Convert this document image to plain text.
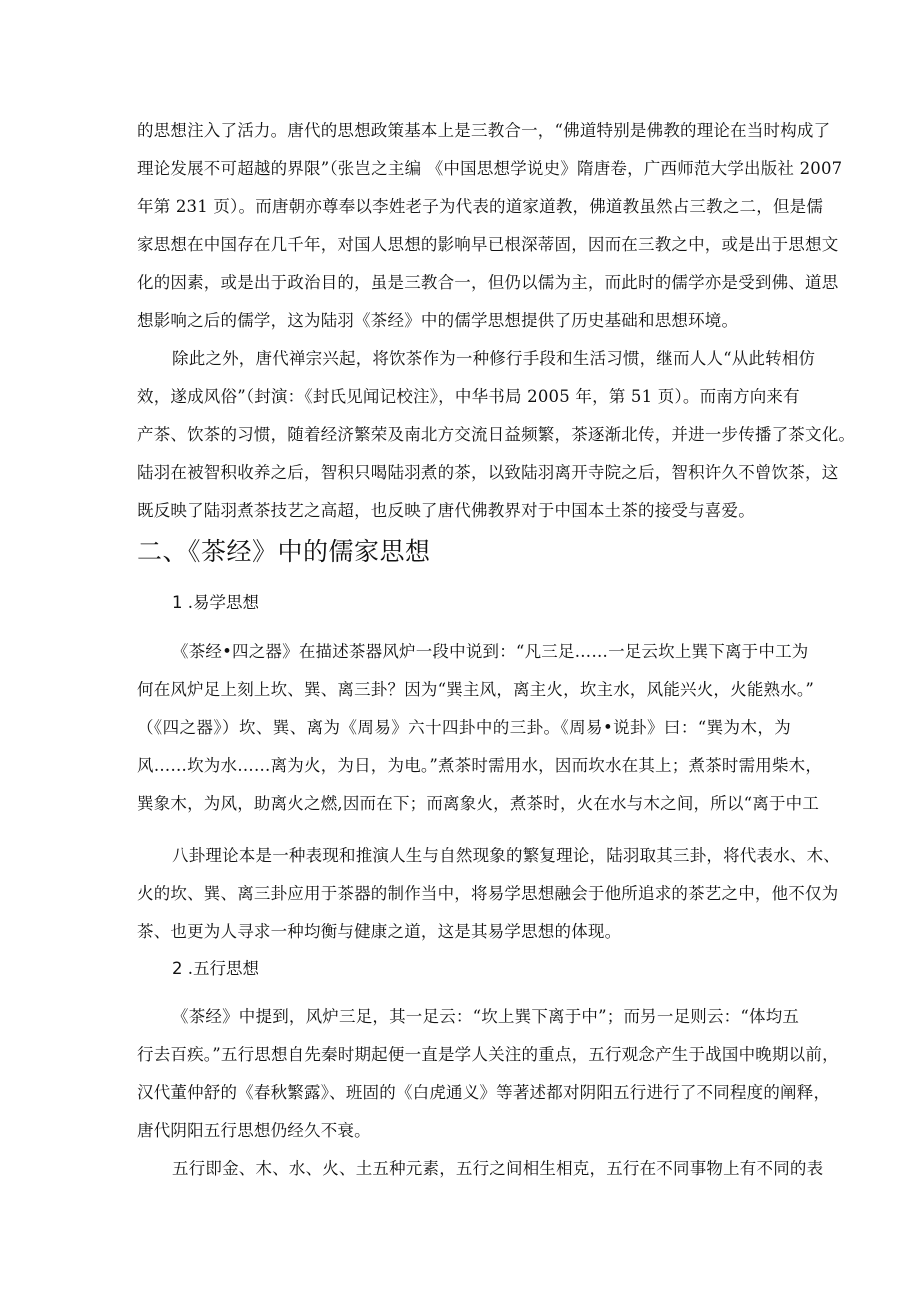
的思想注入了活力。唐代的思想政策基本上是三教合一，“佛道特别是佛教的理论在当时构成了
理论发展不可超越的界限”（张岂之主编 《中国思想学说史》隋唐卷，广西师范大学出版社 2007
年第 231 页）。而唐朝亦尊奉以李姓老子为代表的道家道教，佛道教虽然占三教之二，但是儒
家思想在中国存在几千年，对国人思想的影响早已根深蒂固，因而在三教之中，或是出于思想文
化的因素，或是出于政治目的，虽是三教合一，但仍以儒为主，而此时的儒学亦是受到佛、道思
想影响之后的儒学，这为陆羽《茶经》中的儒学思想提供了历史基础和思想环境。
除此之外，唐代禅宗兴起，将饮茶作为一种修行手段和生活习惯，继而人人“从此转相仿
效，遂成风俗”（封演：《封氏见闻记校注》，中华书局 2005 年，第 51 页）。而南方向来有
产茶、饮茶的习惯，随着经济繁荣及南北方交流日益频繁，茶逐渐北传，并进一步传播了茶文化。
陆羽在被智积收养之后，智积只喝陆羽煮的茶，以致陆羽离开寺院之后，智积许久不曾饮茶，这
既反映了陆羽煮茶技艺之高超，也反映了唐代佛教界对于中国本土茶的接受与喜爱。
二、《茶经》中的儒家思想
1 .易学思想
《茶经•四之器》在描述茶器风炉一段中说到：“凡三足……一足云坎上巽下离于中工为
何在风炉足上刻上坎、巽、离三卦？因为“巽主风，离主火，坎主水，风能兴火，火能熟水。”
（《四之器》）坎、巽、离为《周易》六十四卦中的三卦。《周易•说卦》曰：“巽为木，为
风……坎为水……离为火，为日，为电。”煮茶时需用水，因而坎水在其上；煮茶时需用柴木，
巽象木，为风，助离火之燃,因而在下；而离象火，煮茶时，火在水与木之间，所以“离于中工
八卦理论本是一种表现和推演人生与自然现象的繁复理论，陆羽取其三卦，将代表水、木、
火的坎、巽、离三卦应用于茶器的制作当中，将易学思想融会于他所追求的茶艺之中，他不仅为
茶、也更为人寻求一种均衡与健康之道，这是其易学思想的体现。
2 .五行思想
《茶经》中提到，风炉三足，其一足云：“坎上巽下离于中”；而另一足则云：“体均五
行去百疾。”五行思想自先秦时期起便一直是学人关注的重点，五行观念产生于战国中晚期以前，
汉代董仲舒的《春秋繁露》、班固的《白虎通义》等著述都对阴阳五行进行了不同程度的阐释，
唐代阴阳五行思想仍经久不衰。
五行即金、木、水、火、土五种元素，五行之间相生相克，五行在不同事物上有不同的表
